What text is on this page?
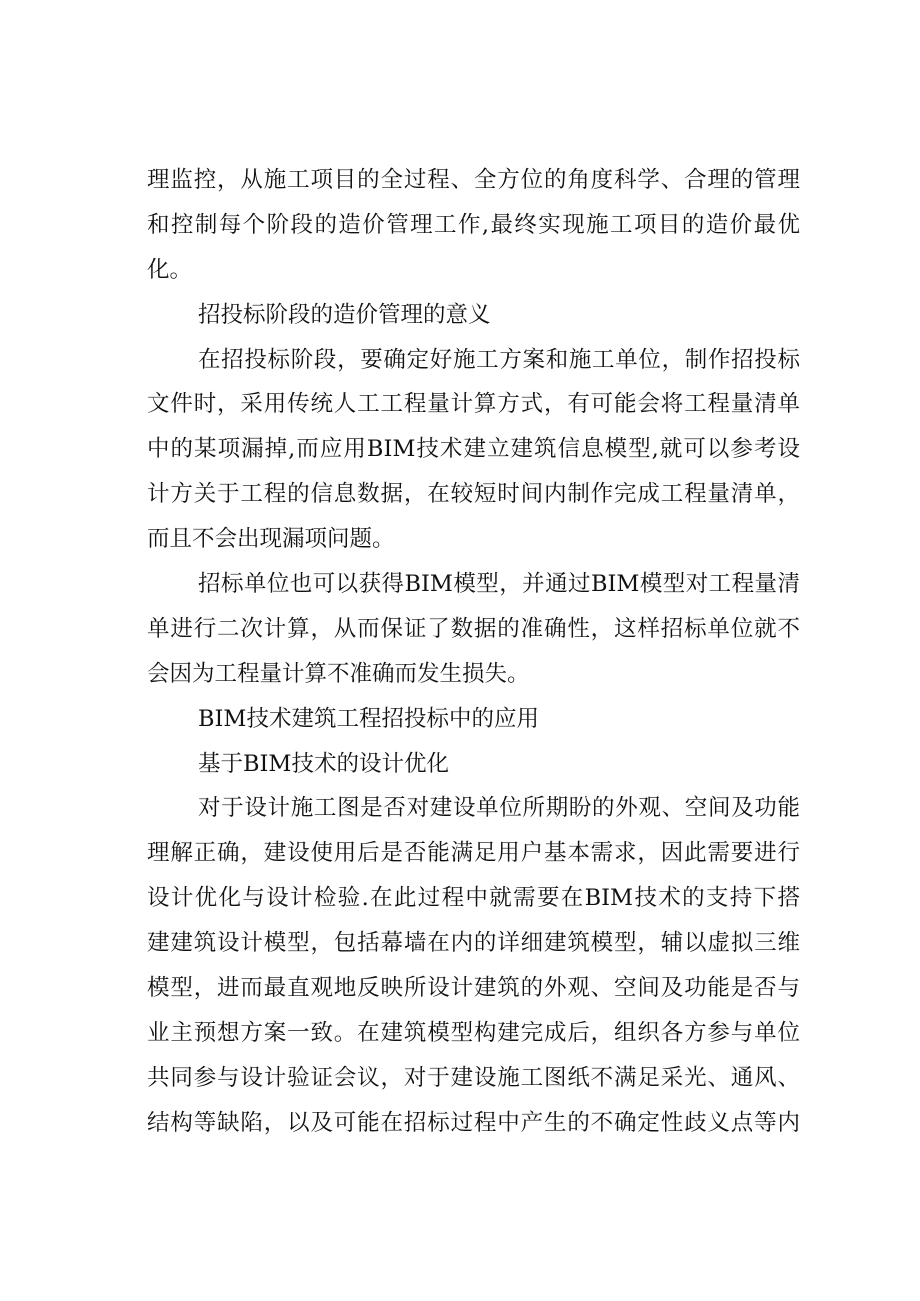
理监控，从施工项目的全过程、全方位的角度科学、合理的管理
和控制每个阶段的造价管理工作,最终实现施工项目的造价最优
化。
招投标阶段的造价管理的意义
在招投标阶段，要确定好施工方案和施工单位，制作招投标
文件时，采用传统人工工程量计算方式，有可能会将工程量清单
中的某项漏掉,而应用BIM技术建立建筑信息模型,就可以参考设
计方关于工程的信息数据，在较短时间内制作完成工程量清单，
而且不会出现漏项问题。
招标单位也可以获得BIM模型，并通过BIM模型对工程量清
单进行二次计算，从而保证了数据的准确性，这样招标单位就不
会因为工程量计算不准确而发生损失。
BIM技术建筑工程招投标中的应用
基于BIM技术的设计优化
对于设计施工图是否对建设单位所期盼的外观、空间及功能
理解正确，建设使用后是否能满足用户基本需求，因此需要进行
设计优化与设计检验.在此过程中就需要在BIM技术的支持下搭
建建筑设计模型，包括幕墙在内的详细建筑模型，辅以虚拟三维
模型，进而最直观地反映所设计建筑的外观、空间及功能是否与
业主预想方案一致。在建筑模型构建完成后，组织各方参与单位
共同参与设计验证会议，对于建设施工图纸不满足采光、通风、
结构等缺陷，以及可能在招标过程中产生的不确定性歧义点等内
